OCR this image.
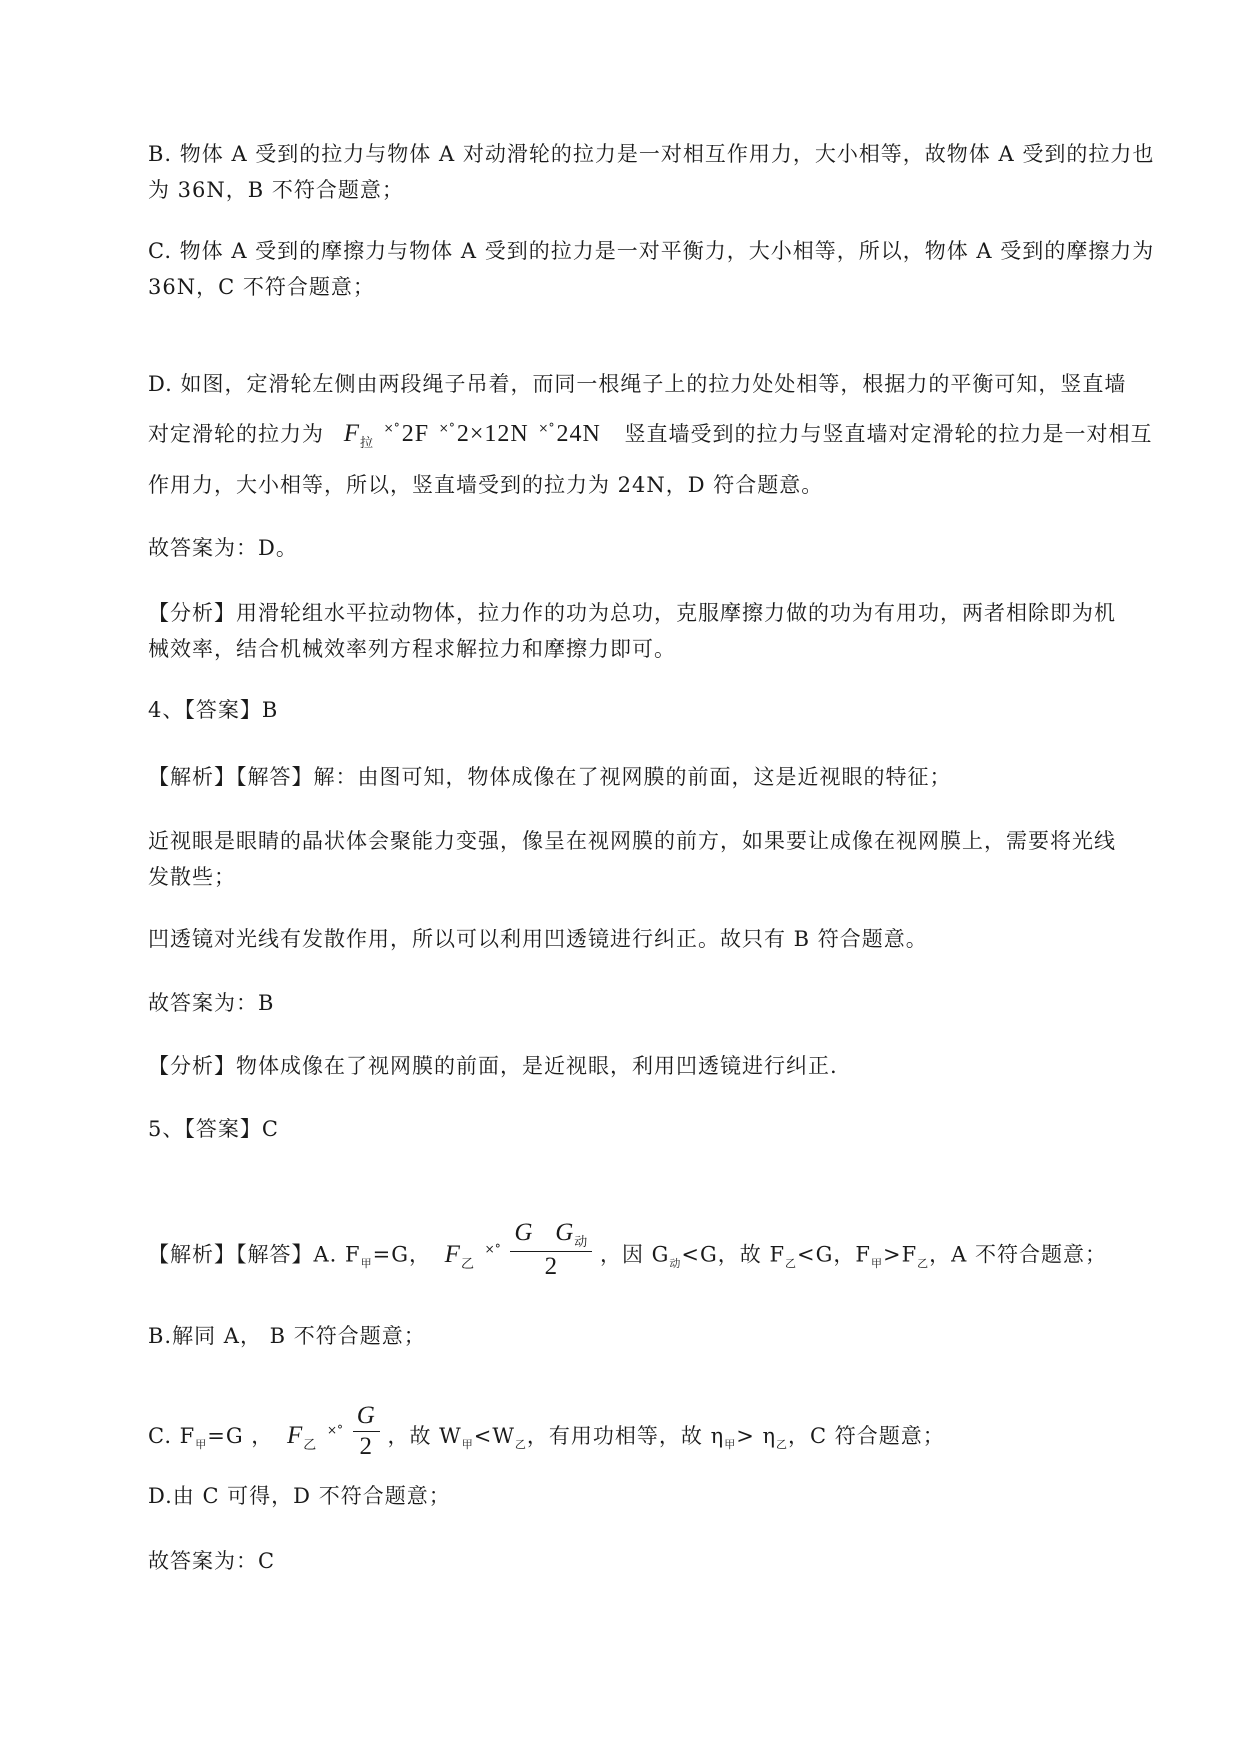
B. 物体 A 受到的拉力与物体 A 对动滑轮的拉力是一对相互作用力，大小相等，故物体 A 受到的拉力也
为 36N，B 不符合题意；
C. 物体 A 受到的摩擦力与物体 A 受到的拉力是一对平衡力，大小相等，所以，物体 A 受到的摩擦力为
36N，C 不符合题意；
D. 如图，定滑轮左侧由两段绳子吊着，而同一根绳子上的拉力处处相等，根据力的平衡可知，竖直墙
对定滑轮的拉力为 $F_拉$ ×°2F ×°2×12N ×°24N 竖直墙受到的拉力与竖直墙对定滑轮的拉力是一对相互
作用力，大小相等，所以，竖直墙受到的拉力为 24N，D 符合题意。
故答案为：D。
【分析】用滑轮组水平拉动物体，拉力作的功为总功，克服摩擦力做的功为有用功，两者相除即为机
械效率，结合机械效率列方程求解拉力和摩擦力即可。
4、【答案】B
【解析】【解答】解：由图可知，物体成像在了视网膜的前面，这是近视眼的特征；
近视眼是眼睛的晶状体会聚能力变强，像呈在视网膜的前方，如果要让成像在视网膜上，需要将光线
发散些；
凹透镜对光线有发散作用，所以可以利用凹透镜进行纠正。故只有 B 符合题意。
故答案为：B
【分析】物体成像在了视网膜的前面，是近视眼，利用凹透镜进行纠正.
5、【答案】C
【解析】【解答】A. $F_甲=G$， $F_乙$ $^{\times^\circ} \frac{G G_动}{2}$ ，因 $G_动<G$，故 $F_乙<G$，$F_甲>F_乙$，A 不符合题意；
B.解同 A， B 不符合题意；
C. $F_甲=G$ ， $F_乙$ $^{\times^\circ} \frac{G}{2}$ ，故 $W_甲<W_乙$，有用功相等，故 $\eta_甲> \eta_乙$，C 符合题意；
D.由 C 可得，D 不符合题意；
故答案为：C
